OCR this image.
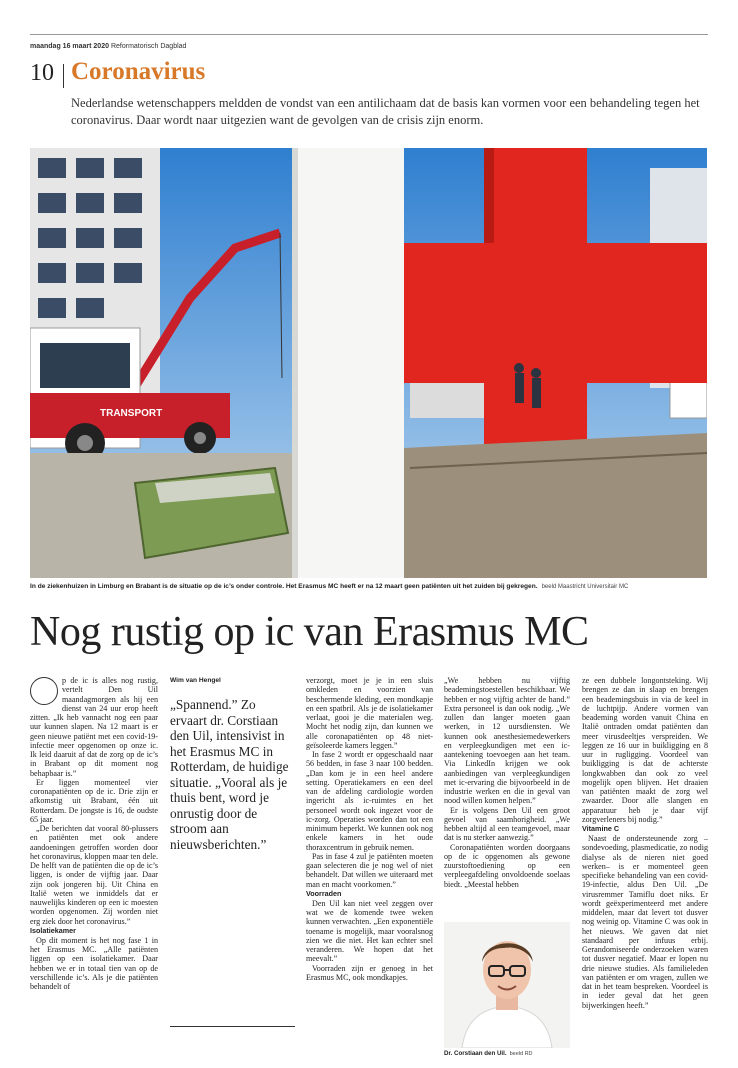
maandag 16 maart 2020 Reformatorisch Dagblad
10 Coronavirus
Nederlandse wetenschappers meldden de vondst van een antilichaam dat de basis kan vormen voor een behandeling tegen het coronavirus. Daar wordt naar uitgezien want de gevolgen van de crisis zijn enorm.
TRANSPORT
In de ziekenhuizen in Limburg en Brabant is de situatie op de ic’s onder controle. Het Erasmus MC heeft er na 12 maart geen patiënten uit het zuiden bij gekregen. beeld Maastricht Universitair MC
Nog rustig op ic van Erasmus MC

p de ic is alles nog rustig, vertelt Den Uil maandagmorgen als hij een dienst van 24 uur erop heeft zitten. „Ik heb vannacht nog een paar uur kunnen slapen. Na 12 maart is er geen nieuwe patiënt met een covid-19-infectie meer opgenomen op onze ic. Ik leid daaruit af dat de zorg op de ic’s in Brabant op dit moment nog behapbaar is.”

Er liggen momenteel vier coronapatiënten op de ic. Drie zijn er afkomstig uit Brabant, één uit Rotterdam. De jongste is 16, de oudste 65 jaar.

„De berichten dat vooral 80-plussers en patiënten met ook andere aandoeningen getroffen worden door het coronavirus, kloppen maar ten dele. De helft van de patiënten die op de ic’s liggen, is onder de vijftig jaar. Daar zijn ook jongeren bij. Uit China en Italië weten we inmiddels dat er nauwelijks kinderen op een ic moesten worden opgenomen. Zij worden niet erg ziek door het coronavirus.”

Isolatiekamer

Op dit moment is het nog fase 1 in het Erasmus MC. „Alle patiënten liggen op een isolatiekamer. Daar hebben we er in totaal tien van op de verschillende ic’s. Als je die patiënten behandelt of

Wim van Hengel
„Spannend.” Zo ervaart dr. Corstiaan den Uil, intensivist in het Erasmus MC in Rotterdam, de huidige situatie. „Vooral als je thuis bent, word je onrustig door de stroom aan nieuwsberichten.”

verzorgt, moet je je in een sluis omkleden en voorzien van beschermende kleding, een mondkapje en een spatbril. Als je de isolatiekamer verlaat, gooi je die materialen weg. Mocht het nodig zijn, dan kunnen we alle coronapatiënten op 48 niet-geïsoleerde kamers leggen.”

In fase 2 wordt er opgeschaald naar 56 bedden, in fase 3 naar 100 bedden. „Dan kom je in een heel andere setting. Operatiekamers en een deel van de afdeling cardiologie worden ingericht als ic-ruimtes en het personeel wordt ook ingezet voor de ic-zorg. Operaties worden dan tot een minimum beperkt. We kunnen ook nog enkele kamers in het oude thoraxcentrum in gebruik nemen.

Pas in fase 4 zul je patiënten moeten gaan selecteren die je nog wel of niet behandelt. Dat willen we uiteraard met man en macht voorkomen.”

Voorraden

Den Uil kan niet veel zeggen over wat we de komende twee weken kunnen verwachten. „Een exponentiële toename is mogelijk, maar vooralsnog zien we die niet. Het kan echter snel veranderen. We hopen dat het meevalt.”

Voorraden zijn er genoeg in het Erasmus MC, ook mondkapjes.

„We hebben nu vijftig beademingstoestellen beschikbaar. We hebben er nog vijftig achter de hand.” Extra personeel is dan ook nodig. „We zullen dan langer moeten gaan werken, in 12 uursdiensten. We kunnen ook anesthesiemedewerkers en verpleegkundigen met een ic-aantekening toevoegen aan het team. Via LinkedIn krijgen we ook aanbiedingen van verpleegkundigen met ic-ervaring die bijvoorbeeld in de industrie werken en die in geval van nood willen komen helpen.”

Er is volgens Den Uil een groot gevoel van saamhorigheid. „We hebben altijd al een teamgevoel, maar dat is nu sterker aanwezig.”

Coronapatiënten worden doorgaans op de ic opgenomen als gewone zuurstoftoediening op een verpleegafdeling onvoldoende soelaas biedt. „Meestal hebben

Dr. Corstiaan den Uil. beeld RD

ze een dubbele longontsteking. Wij brengen ze dan in slaap en brengen een beademingsbuis in via de keel in de luchtpijp. Andere vormen van beademing worden vanuit China en Italië ontraden omdat patiënten dan meer virusdeeltjes verspreiden. We leggen ze 16 uur in buikligging en 8 uur in rugligging. Voordeel van buikligging is dat de achterste longkwabben dan ook zo veel mogelijk open blijven. Het draaien van patiënten maakt de zorg wel zwaarder. Door alle slangen en apparatuur heb je daar vijf zorgverleners bij nodig.”

Vitamine C

Naast de ondersteunende zorg –sondevoeding, plasmedicatie, zo nodig dialyse als de nieren niet goed werken– is er momenteel geen specifieke behandeling van een covid-19-infectie, aldus Den Uil. „De virusremmer Tamiflu doet niks. Er wordt geëxperimenteerd met andere middelen, maar dat levert tot dusver nog weinig op. Vitamine C was ook in het nieuws. We gaven dat niet standaard per infuus erbij. Gerandomiseerde onderzoeken waren tot dusver negatief. Maar er lopen nu drie nieuwe studies. Als familieleden van patiënten er om vragen, zullen we dat in het team bespreken. Voordeel is in ieder geval dat het geen bijwerkingen heeft.”
